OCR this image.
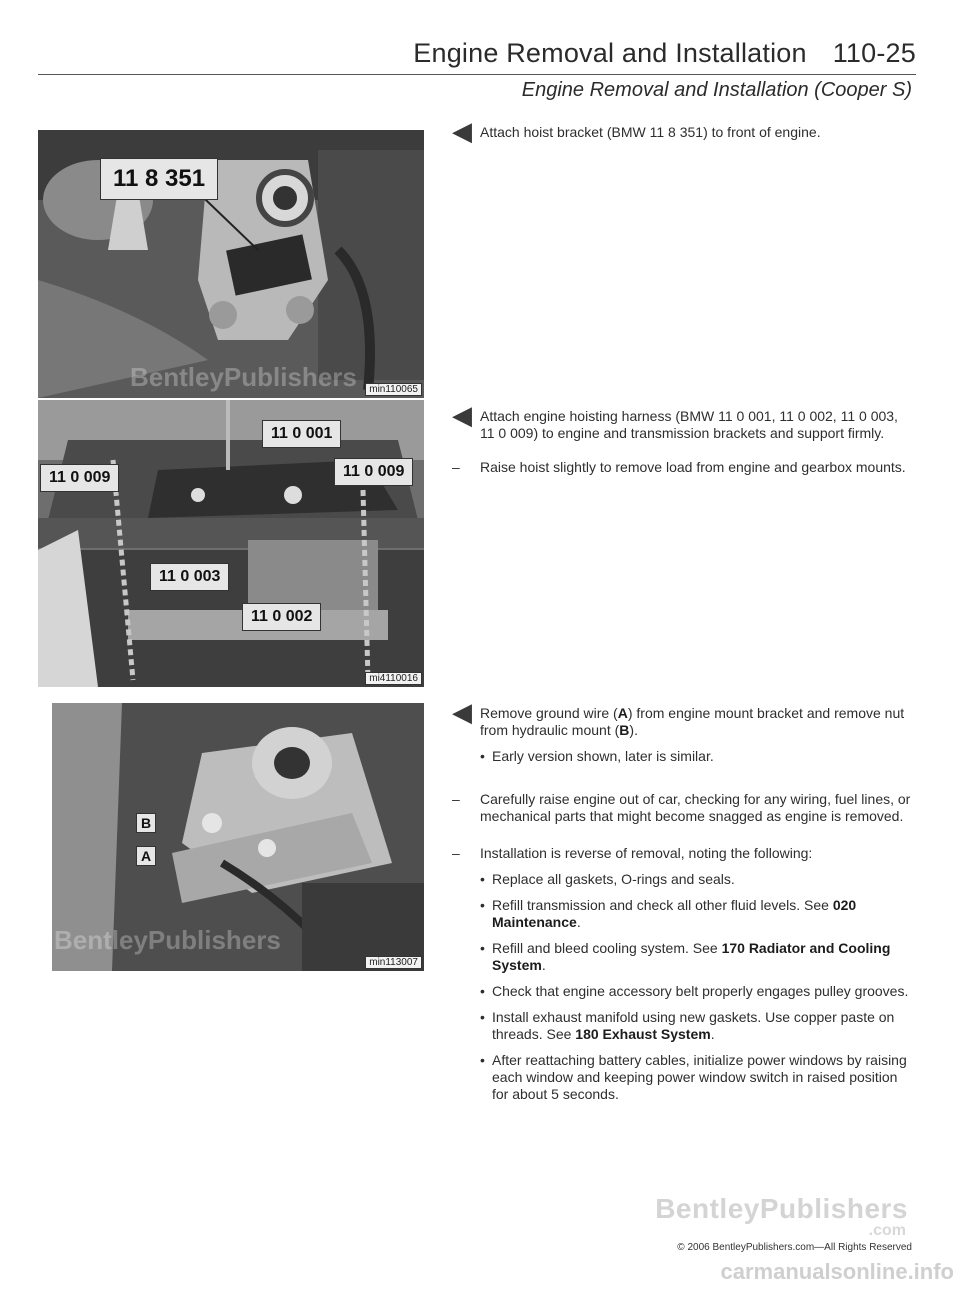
Engine Removal and Installation 110-25
Engine Removal and Installation (Cooper S)
11 8 351
BentleyPublishers	min110065
11 0 001
11 0 009	11 0 009
11 0 003
11 0 002
mi4110016
B
A
BentleyPublishers
min113007
◀︎ Attach hoist bracket (BMW 11 8 351) to front of engine.
◀︎ Attach engine hoisting harness (BMW 11 0 001, 11 0 002, 11 0 003, 11 0 009) to engine and transmission brackets and support firmly.
– Raise hoist slightly to remove load from engine and gearbox mounts.
◀︎ Remove ground wire (A) from engine mount bracket and remove nut from hydraulic mount (B).
• Early version shown, later is similar.
– Carefully raise engine out of car, checking for any wiring, fuel lines, or mechanical parts that might become snagged as engine is removed.
– Installation is reverse of removal, noting the following:
• Replace all gaskets, O-rings and seals.
• Refill transmission and check all other fluid levels. See 020 Maintenance.
• Refill and bleed cooling system. See 170 Radiator and Cooling System.
• Check that engine accessory belt properly engages pulley grooves.
• Install exhaust manifold using new gaskets. Use copper paste on threads. See 180 Exhaust System.
• After reattaching battery cables, initialize power windows by raising each window and keeping power window switch in raised position for about 5 seconds.
BentleyPublishers
.com
© 2006 BentleyPublishers.com—All Rights Reserved
carmanualsonline.info
